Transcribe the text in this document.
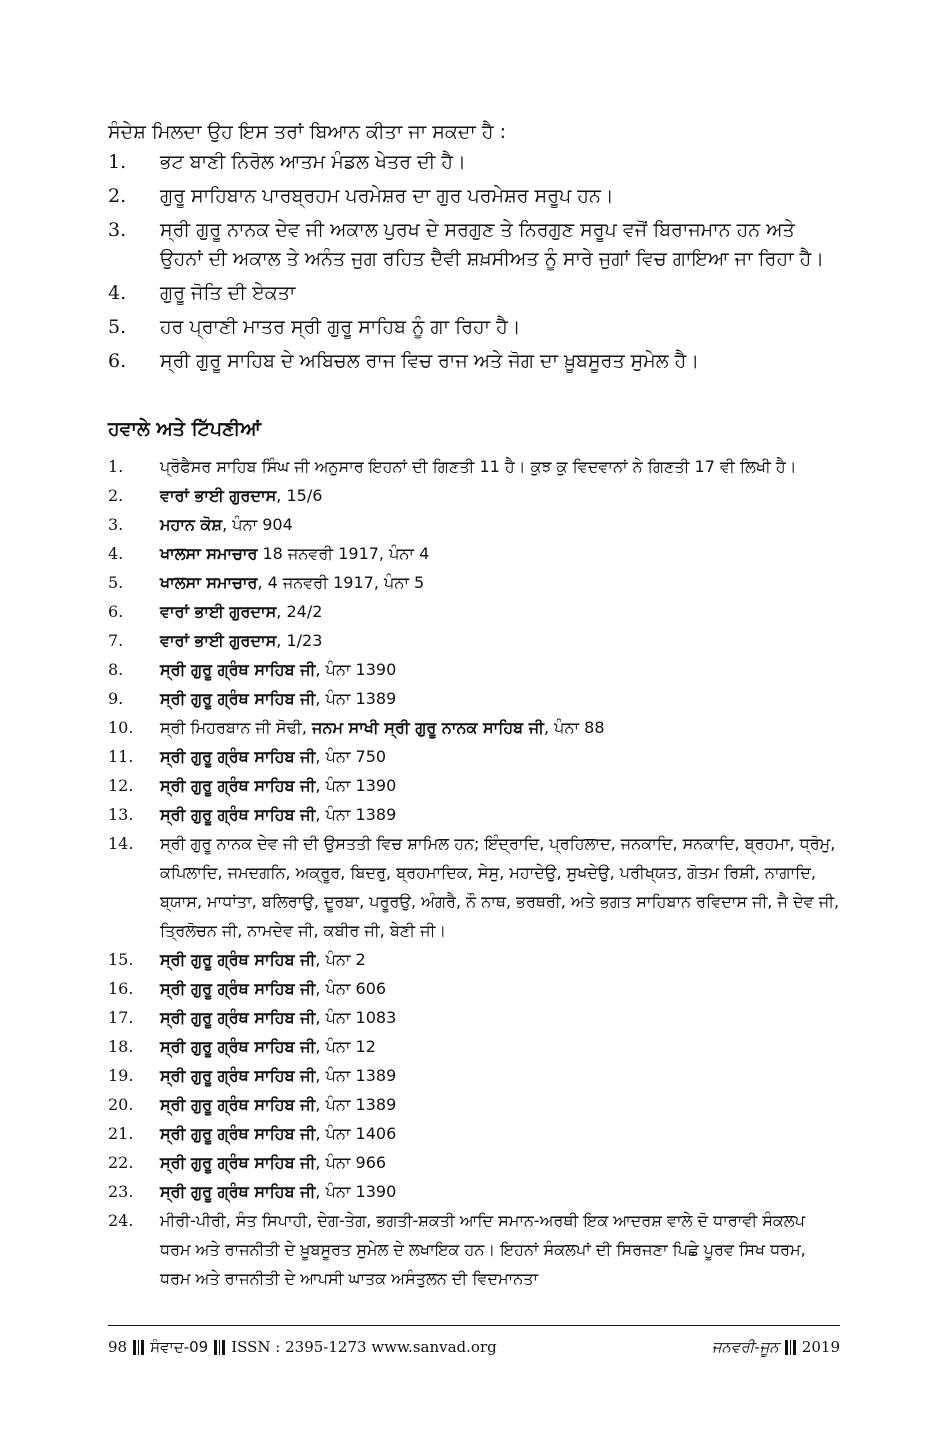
ਸੰਦੇਸ਼ ਮਿਲਦਾ ਉਹ ਇਸ ਤਰਾਂ ਬਿਆਨ ਕੀਤਾ ਜਾ ਸਕਦਾ ਹੈ :

1.	ਭਟ ਬਾਣੀ ਨਿਰੋਲ ਆਤਮ ਮੰਡਲ ਖੇਤਰ ਦੀ ਹੈ।
2.	ਗੁਰੂ ਸਾਹਿਬਾਨ ਪਾਰਬ੍ਰਹਮ ਪਰਮੇਸ਼ਰ ਦਾ ਗੁਰ ਪਰਮੇਸ਼ਰ ਸਰੂਪ ਹਨ।
3.	ਸ੍ਰੀ ਗੁਰੂ ਨਾਨਕ ਦੇਵ ਜੀ ਅਕਾਲ ਪੁਰਖ ਦੇ ਸਰਗੁਣ ਤੇ ਨਿਰਗੁਣ ਸਰੂਪ ਵਜੋਂ ਬਿਰਾਜਮਾਨ ਹਨ ਅਤੇ ਉਹਨਾਂ ਦੀ ਅਕਾਲ ਤੇ ਅਨੰਤ ਜੁਗ ਰਹਿਤ ਦੈਵੀ ਸ਼ਖ਼ਸੀਅਤ ਨੂੰ ਸਾਰੇ ਜੁਗਾਂ ਵਿਚ ਗਾਇਆ ਜਾ ਰਿਹਾ ਹੈ।
4.	ਗੁਰੂ ਜੋਤਿ ਦੀ ਏਕਤਾ
5.	ਹਰ ਪ੍ਰਾਣੀ ਮਾਤਰ ਸ੍ਰੀ ਗੁਰੂ ਸਾਹਿਬ ਨੂੰ ਗਾ ਰਿਹਾ ਹੈ।
6.	ਸ੍ਰੀ ਗੁਰੂ ਸਾਹਿਬ ਦੇ ਅਬਿਚਲ ਰਾਜ ਵਿਚ ਰਾਜ ਅਤੇ ਜੋਗ ਦਾ ਖ਼ੂਬਸੂਰਤ ਸੁਮੇਲ ਹੈ।
ਹਵਾਲੇ ਅਤੇ ਟਿੱਪਣੀਆਂ
1.	ਪ੍ਰੋਫੈਸਰ ਸਾਹਿਬ ਸਿੰਘ ਜੀ ਅਨੁਸਾਰ ਇਹਨਾਂ ਦੀ ਗਿਣਤੀ 11 ਹੈ। ਕੁਝ ਕੁ ਵਿਦਵਾਨਾਂ ਨੇ ਗਿਣਤੀ 17 ਵੀ ਲਿਖੀ ਹੈ।
2.	ਵਾਰਾਂ ਭਾਈ ਗੁਰਦਾਸ, 15/6
3.	ਮਹਾਨ ਕੋਸ਼, ਪੰਨਾ 904
4.	ਖਾਲਸਾ ਸਮਾਚਾਰ 18 ਜਨਵਰੀ 1917, ਪੰਨਾ 4
5.	ਖਾਲਸਾ ਸਮਾਚਾਰ, 4 ਜਨਵਰੀ 1917, ਪੰਨਾ 5
6.	ਵਾਰਾਂ ਭਾਈ ਗੁਰਦਾਸ, 24/2
7.	ਵਾਰਾਂ ਭਾਈ ਗੁਰਦਾਸ, 1/23
8.	ਸ੍ਰੀ ਗੁਰੂ ਗ੍ਰੰਥ ਸਾਹਿਬ ਜੀ, ਪੰਨਾ 1390
9.	ਸ੍ਰੀ ਗੁਰੂ ਗ੍ਰੰਥ ਸਾਹਿਬ ਜੀ, ਪੰਨਾ 1389
10.	ਸ੍ਰੀ ਮਿਹਰਬਾਨ ਜੀ ਸੋਢੀ, ਜਨਮ ਸਾਖੀ ਸ੍ਰੀ ਗੁਰੂ ਨਾਨਕ ਸਾਹਿਬ ਜੀ, ਪੰਨਾ 88
11.	ਸ੍ਰੀ ਗੁਰੂ ਗ੍ਰੰਥ ਸਾਹਿਬ ਜੀ, ਪੰਨਾ 750
12.	ਸ੍ਰੀ ਗੁਰੂ ਗ੍ਰੰਥ ਸਾਹਿਬ ਜੀ, ਪੰਨਾ 1390
13.	ਸ੍ਰੀ ਗੁਰੂ ਗ੍ਰੰਥ ਸਾਹਿਬ ਜੀ, ਪੰਨਾ 1389
14.	ਸ੍ਰੀ ਗੁਰੂ ਨਾਨਕ ਦੇਵ ਜੀ ਦੀ ਉਸਤਤੀ ਵਿਚ ਸ਼ਾਮਿਲ ਹਨ; ਇੰਦ੍ਰਾਦਿ, ਪ੍ਰਹਿਲਾਦ, ਜਨਕਾਦਿ, ਸਨਕਾਦਿ, ਬ੍ਰਹਮਾ, ਧ੍ਰੋਮੁ, ਕਪਿਲਾਦਿ, ਜਮਦਗਨਿ, ਅਕ੍ਰੂਰ, ਬਿਦਰੁ, ਬ੍ਰਹਮਾਦਿਕ, ਸੇਸੁ, ਮਹਾਦੇਉ, ਸੁਖਦੇਉ, ਪਰੀਖ੍ਯਤ, ਗੋਤਮ ਰਿਸ਼ੀ, ਨਾਗਾਦਿ, ਬ੍ਯਾਸ, ਮਾਧਾਂਤਾ, ਬਲਿਰਾਉ, ਦੂਰਬਾ, ਪਰੂਰਉ, ਅੰਗਰੈ, ਨੌ ਨਾਥ, ਭਰਥਰੀ, ਅਤੇ ਭਗਤ ਸਾਹਿਬਾਨ ਰਵਿਦਾਸ ਜੀ, ਜੈ ਦੇਵ ਜੀ, ਤ੍ਰਿਲੋਚਨ ਜੀ, ਨਾਮਦੇਵ ਜੀ, ਕਬੀਰ ਜੀ, ਬੇਣੀ ਜੀ।
15.	ਸ੍ਰੀ ਗੁਰੂ ਗ੍ਰੰਥ ਸਾਹਿਬ ਜੀ, ਪੰਨਾ 2
16.	ਸ੍ਰੀ ਗੁਰੂ ਗ੍ਰੰਥ ਸਾਹਿਬ ਜੀ, ਪੰਨਾ 606
17.	ਸ੍ਰੀ ਗੁਰੂ ਗ੍ਰੰਥ ਸਾਹਿਬ ਜੀ, ਪੰਨਾ 1083
18.	ਸ੍ਰੀ ਗੁਰੂ ਗ੍ਰੰਥ ਸਾਹਿਬ ਜੀ, ਪੰਨਾ 12
19.	ਸ੍ਰੀ ਗੁਰੂ ਗ੍ਰੰਥ ਸਾਹਿਬ ਜੀ, ਪੰਨਾ 1389
20.	ਸ੍ਰੀ ਗੁਰੂ ਗ੍ਰੰਥ ਸਾਹਿਬ ਜੀ, ਪੰਨਾ 1389
21.	ਸ੍ਰੀ ਗੁਰੂ ਗ੍ਰੰਥ ਸਾਹਿਬ ਜੀ, ਪੰਨਾ 1406
22.	ਸ੍ਰੀ ਗੁਰੂ ਗ੍ਰੰਥ ਸਾਹਿਬ ਜੀ, ਪੰਨਾ 966
23.	ਸ੍ਰੀ ਗੁਰੂ ਗ੍ਰੰਥ ਸਾਹਿਬ ਜੀ, ਪੰਨਾ 1390
24.	ਮੀਰੀ-ਪੀਰੀ, ਸੰਤ ਸਿਪਾਹੀ, ਦੇਗ-ਤੇਗ, ਭਗਤੀ-ਸ਼ਕਤੀ ਆਦਿ ਸਮਾਨ-ਅਰਥੀ ਇਕ ਆਦਰਸ਼ ਵਾਲੇ ਦੋ ਧਾਰਾਵੀ ਸੰਕਲਪ ਧਰਮ ਅਤੇ ਰਾਜਨੀਤੀ ਦੇ ਖ਼ੂਬਸੂਰਤ ਸੁਮੇਲ ਦੇ ਲਖਾਇਕ ਹਨ। ਇਹਨਾਂ ਸੰਕਲਪਾਂ ਦੀ ਸਿਰਜਣਾ ਪਿਛੇ ਪੂਰਵ ਸਿਖ ਧਰਮ, ਧਰਮ ਅਤੇ ਰਾਜਨੀਤੀ ਦੇ ਆਪਸੀ ਘਾਤਕ ਅਸੰਤੁਲਨ ਦੀ ਵਿਦਮਾਨਤਾ
98 ਸੰਵਾਦ-09 ISSN : 2395-1273 www.sanvad.org	ਜਨਵਰੀ-ਜੂਨ 2019
